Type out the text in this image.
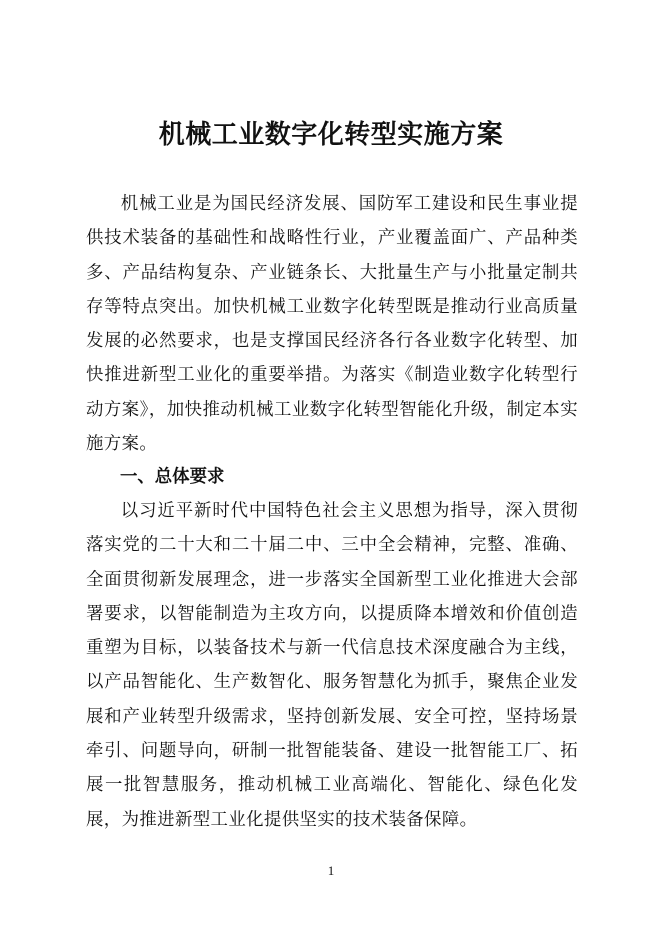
机械工业数字化转型实施方案

机械工业是为国民经济发展、国防军工建设和民生事业提供技术装备的基础性和战略性行业，产业覆盖面广、产品种类多、产品结构复杂、产业链条长、大批量生产与小批量定制共存等特点突出。加快机械工业数字化转型既是推动行业高质量发展的必然要求，也是支撑国民经济各行各业数字化转型、加快推进新型工业化的重要举措。为落实《制造业数字化转型行动方案》，加快推动机械工业数字化转型智能化升级，制定本实施方案。

一、总体要求

以习近平新时代中国特色社会主义思想为指导，深入贯彻落实党的二十大和二十届二中、三中全会精神，完整、准确、全面贯彻新发展理念，进一步落实全国新型工业化推进大会部署要求，以智能制造为主攻方向，以提质降本增效和价值创造重塑为目标，以装备技术与新一代信息技术深度融合为主线，以产品智能化、生产数智化、服务智慧化为抓手，聚焦企业发展和产业转型升级需求，坚持创新发展、安全可控，坚持场景牵引、问题导向，研制一批智能装备、建设一批智能工厂、拓展一批智慧服务，推动机械工业高端化、智能化、绿色化发展，为推进新型工业化提供坚实的技术装备保障。

1
